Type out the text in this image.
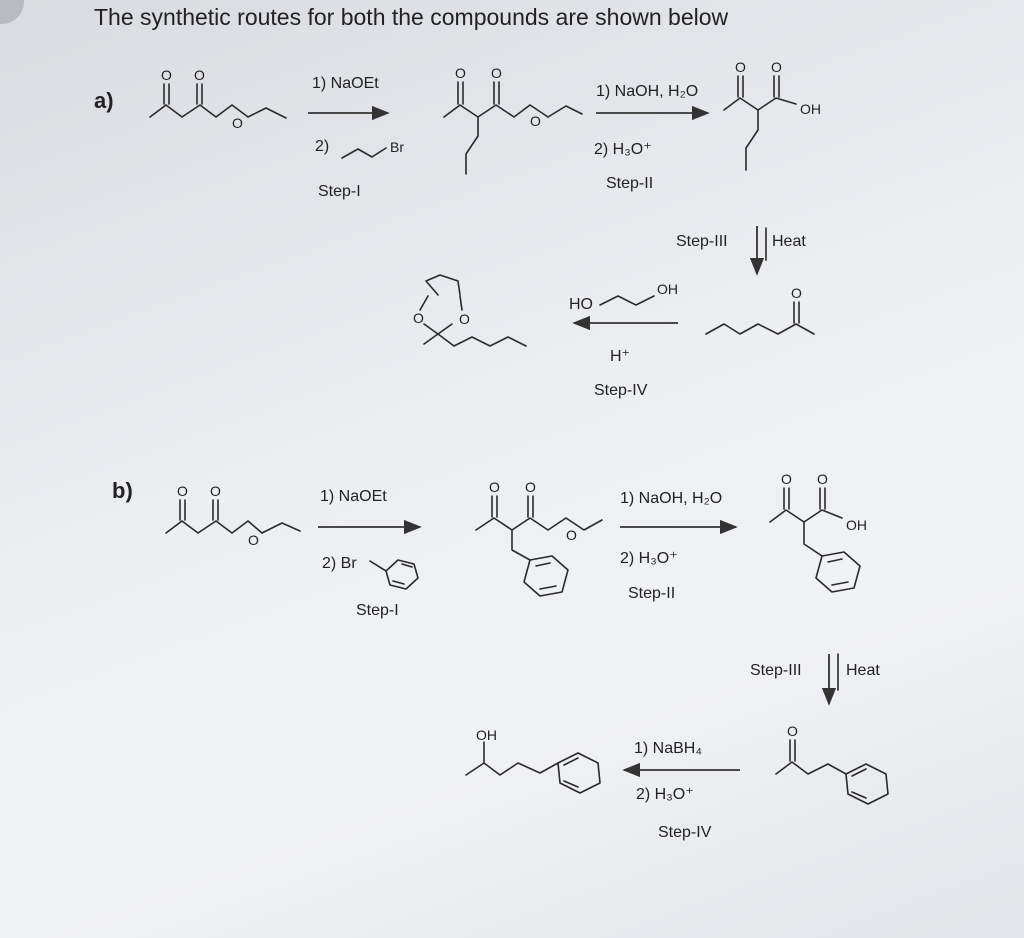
The synthetic routes for both the compounds are shown below
a)
1) NaOEt
2)
Step-I
1) NaOH, H₂O
2) H₃O⁺
Step-II
Step-III	Heat
HO
H⁺
Step-IV
b)	1) NaOEt
2) Br
Step-I
1) NaOH, H₂O
2) H₃O⁺
Step-II
Step-III	Heat
1) NaBH₄
2) H₃O⁺
Step-IV
O O
O
Br
O O
O
O O
OH
O
OH
O	O
O O
O
O O
O
O O
OH
O
OH
